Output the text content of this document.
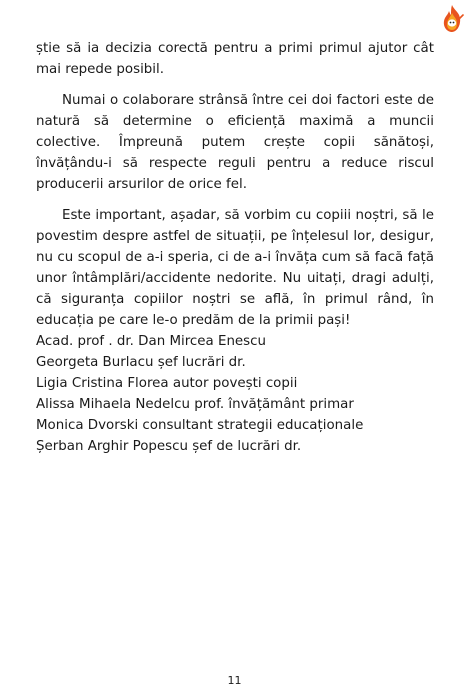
știe să ia decizia corectă pentru a primi primul ajutor cât mai repede posibil.

Numai o colaborare strânsă între cei doi factori este de natură să determine o eficiență maximă a muncii colective. Împreună putem crește copii sănătoși, învățându-i să respecte reguli pentru a reduce riscul producerii arsurilor de orice fel.

Este important, așadar, să vorbim cu copiii noștri, să le povestim despre astfel de situații, pe înțelesul lor, desigur, nu cu scopul de a-i speria, ci de a-i învăța cum să facă față unor întâmplări/accidente nedorite. Nu uitați, dragi adulți, că siguranța copiilor noștri se află, în primul rând, în educația pe care le-o predăm de la primii pași!

Acad. prof . dr. Dan Mircea Enescu
Georgeta Burlacu șef lucrări dr.
Ligia Cristina Florea autor povești copii
Alissa Mihaela Nedelcu prof. învățământ primar
Monica Dvorski consultant strategii educaționale
Șerban Arghir Popescu șef de lucrări dr.
11
